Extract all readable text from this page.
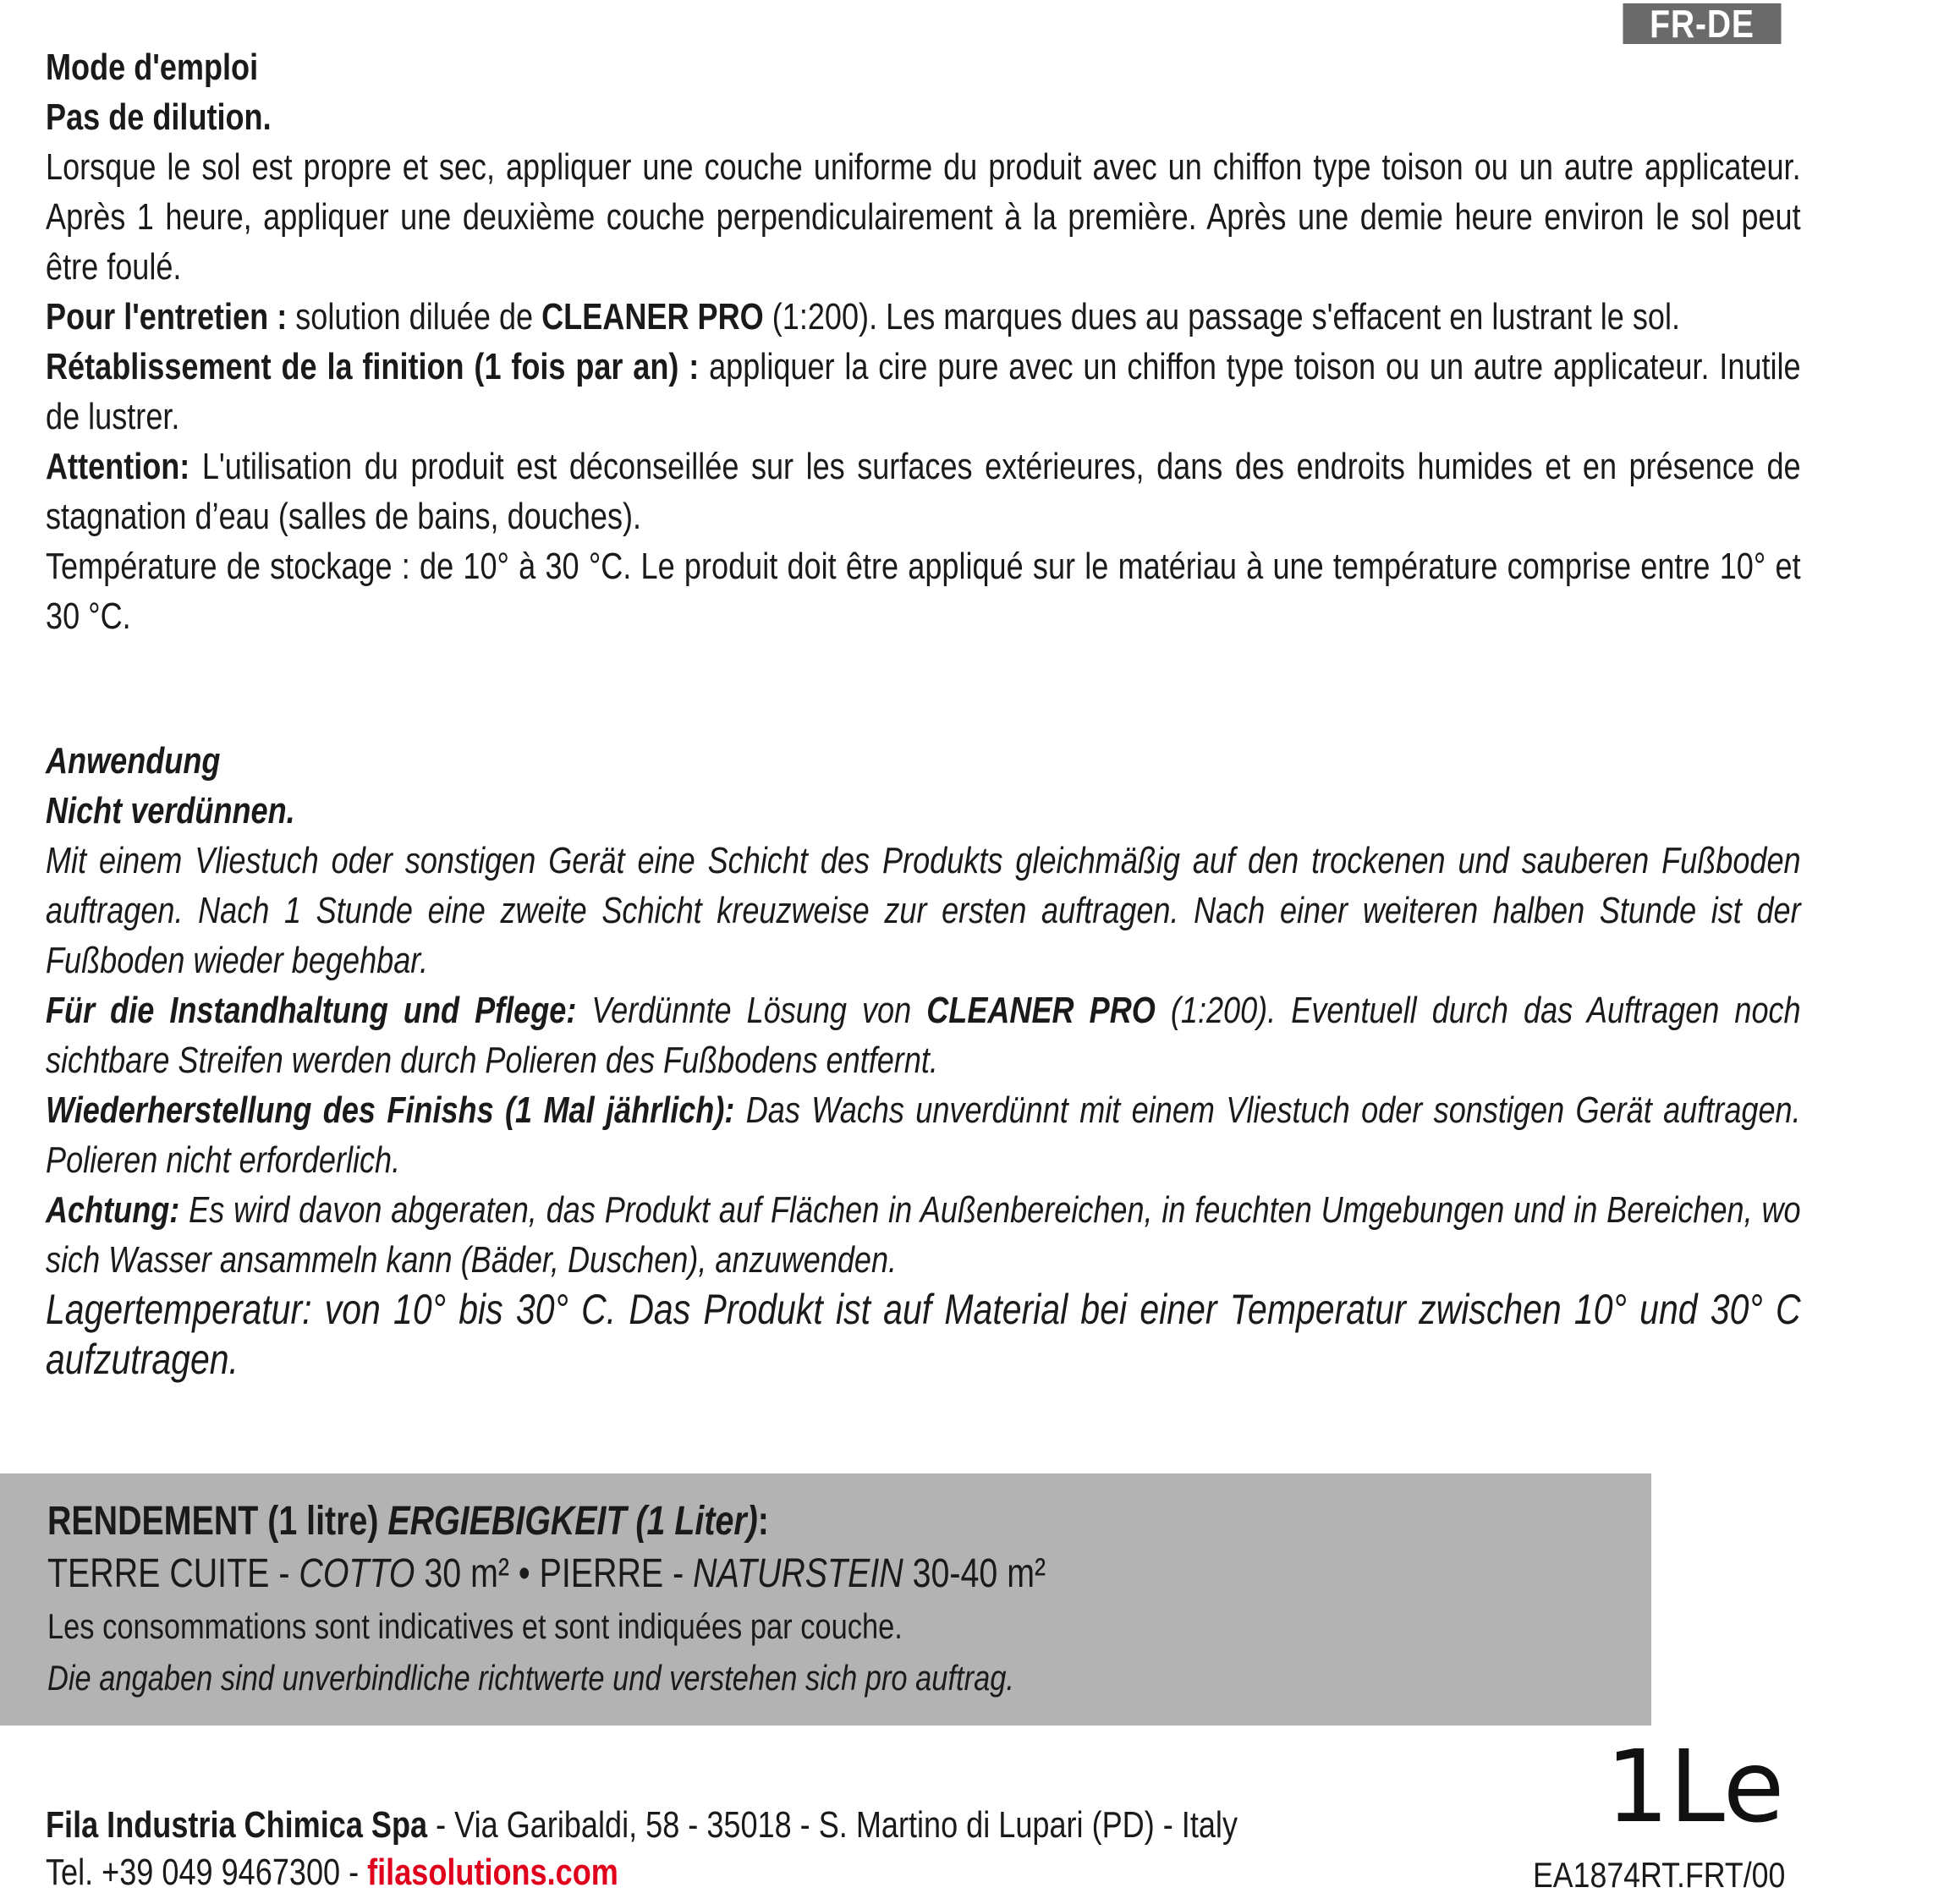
FR-DE

Mode d'emploi

Pas de dilution.

Lorsque le sol est propre et sec, appliquer une couche uniforme du produit avec un chiffon type toison ou un autre applicateur. Après 1 heure, appliquer une deuxième couche perpendiculairement à la première. Après une demie heure environ le sol peut être foulé.

Pour l'entretien : solution diluée de CLEANER PRO (1:200). Les marques dues au passage s'effacent en lustrant le sol.

Rétablissement de la finition (1 fois par an) : appliquer la cire pure avec un chiffon type toison ou un autre applicateur. Inutile de lustrer.

Attention: L'utilisation du produit est déconseillée sur les surfaces extérieures, dans des endroits humides et en présence de stagnation d’eau (salles de bains, douches).

Température de stockage : de 10° à 30 °C. Le produit doit être appliqué sur le matériau à une température comprise entre 10° et 30 °C.

Anwendung

Nicht verdünnen.

Mit einem Vliestuch oder sonstigen Gerät eine Schicht des Produkts gleichmäßig auf den trockenen und sauberen Fußboden auftragen. Nach 1 Stunde eine zweite Schicht kreuzweise zur ersten auftragen. Nach einer weiteren halben Stunde ist der Fußboden wieder begehbar.

Für die Instandhaltung und Pflege: Verdünnte Lösung von CLEANER PRO (1:200). Eventuell durch das Auftragen noch sichtbare Streifen werden durch Polieren des Fußbodens entfernt.

Wiederherstellung des Finishs (1 Mal jährlich): Das Wachs unverdünnt mit einem Vliestuch oder sonstigen Gerät auftragen. Polieren nicht erforderlich.

Achtung: Es wird davon abgeraten, das Produkt auf Flächen in Außenbereichen, in feuchten Umgebungen und in Bereichen, wo sich Wasser ansammeln kann (Bäder, Duschen), anzuwenden.

Lagertemperatur: von 10° bis 30° C. Das Produkt ist auf Material bei einer Temperatur zwischen 10° und 30° C aufzutragen.

RENDEMENT (1 litre) ERGIEBIGKEIT (1 Liter):
TERRE CUITE - COTTO 30 m² • PIERRE - NATURSTEIN 30-40 m²
Les consommations sont indicatives et sont indiquées par couche.
Die angaben sind unverbindliche richtwerte und verstehen sich pro auftrag.
Fila Industria Chimica Spa - Via Garibaldi, 58 - 35018 - S. Martino di Lupari (PD) - Italy
Tel. +39 049 9467300 - filasolutions.com
1Le
EA1874RT.FRT/00
